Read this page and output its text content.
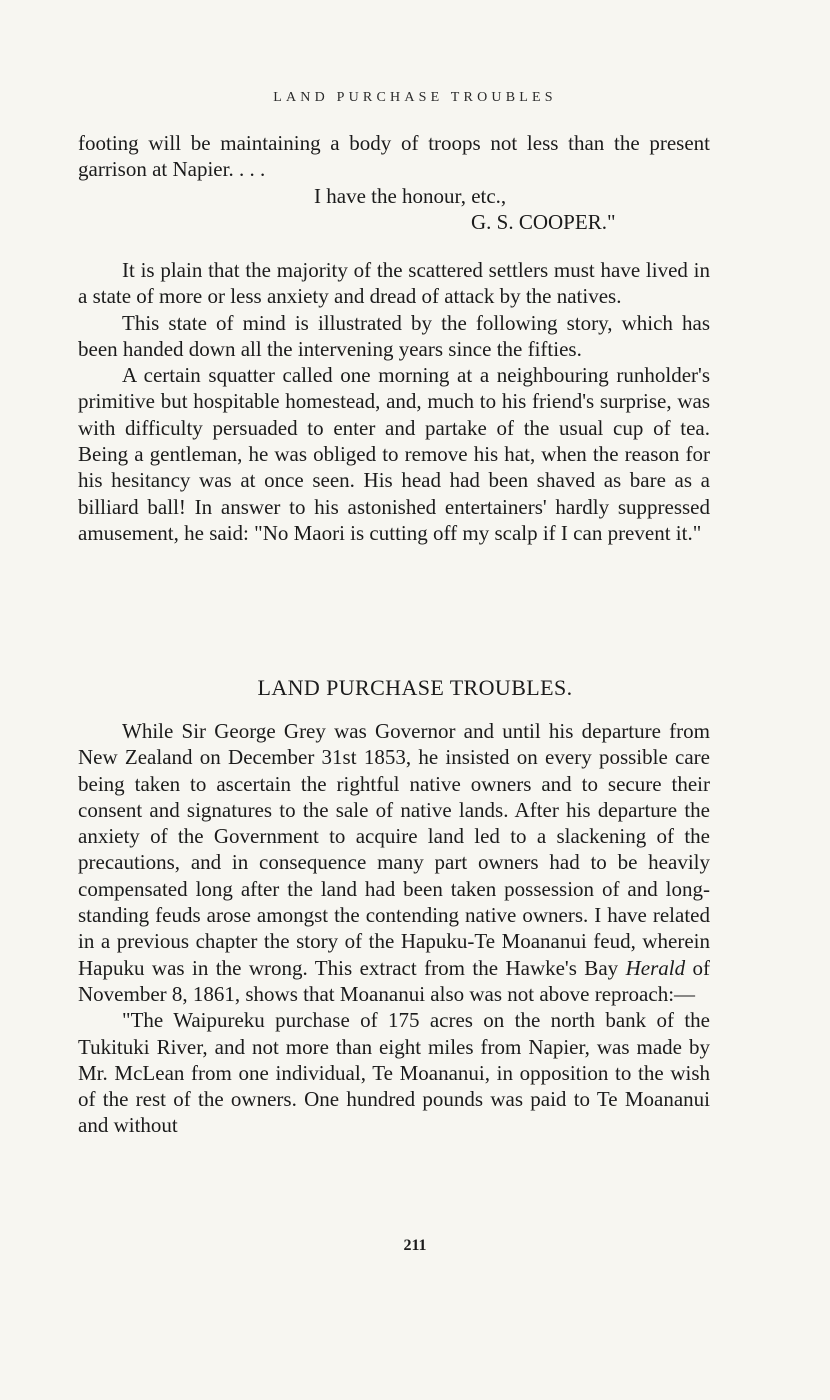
LAND PURCHASE TROUBLES

footing will be maintaining a body of troops not less than the present garrison at Napier. . . .

I have the honour, etc.,
G. S. COOPER."

It is plain that the majority of the scattered settlers must have lived in a state of more or less anxiety and dread of attack by the natives.

This state of mind is illustrated by the following story, which has been handed down all the intervening years since the fifties.

A certain squatter called one morning at a neighbouring runholder's primitive but hospitable homestead, and, much to his friend's surprise, was with difficulty persuaded to enter and partake of the usual cup of tea. Being a gentleman, he was obliged to remove his hat, when the reason for his hesitancy was at once seen. His head had been shaved as bare as a billiard ball! In answer to his astonished entertainers' hardly suppressed amusement, he said: "No Maori is cutting off my scalp if I can prevent it."

LAND PURCHASE TROUBLES.

While Sir George Grey was Governor and until his departure from New Zealand on December 31st 1853, he insisted on every possible care being taken to ascertain the rightful native owners and to secure their consent and signatures to the sale of native lands. After his departure the anxiety of the Government to acquire land led to a slackening of the precautions, and in consequence many part owners had to be heavily compensated long after the land had been taken possession of and long-standing feuds arose amongst the contending native owners. I have related in a previous chapter the story of the Hapuku-Te Moananui feud, wherein Hapuku was in the wrong. This extract from the Hawke's Bay Herald of November 8, 1861, shows that Moananui also was not above reproach:—

"The Waipureku purchase of 175 acres on the north bank of the Tukituki River, and not more than eight miles from Napier, was made by Mr. McLean from one individual, Te Moananui, in opposition to the wish of the rest of the owners. One hundred pounds was paid to Te Moananui and without

211
